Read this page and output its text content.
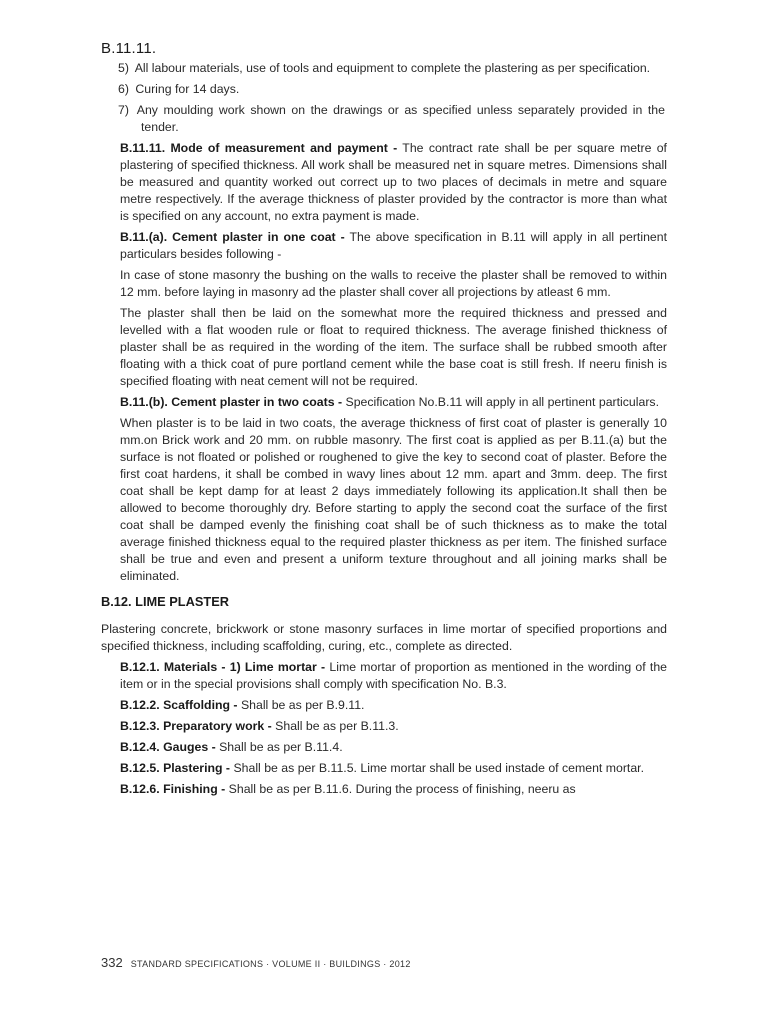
B.11.11.
5) All labour materials, use of tools and equipment to complete the plastering as per specification.
6) Curing for 14 days.
7) Any moulding work shown on the drawings or as specified unless separately provided in the tender.
B.11.11. Mode of measurement and payment - The contract rate shall be per square metre of plastering of specified thickness. All work shall be measured net in square metres. Dimensions shall be measured and quantity worked out correct up to two places of decimals in metre and square metre respectively. If the average thickness of plaster provided by the contractor is more than what is specified on any account, no extra payment is made.
B.11.(a). Cement plaster in one coat - The above specification in B.11 will apply in all pertinent particulars besides following -
In case of stone masonry the bushing on the walls to receive the plaster shall be removed to within 12 mm. before laying in masonry ad the plaster shall cover all projections by atleast 6 mm.
The plaster shall then be laid on the somewhat more the required thickness and pressed and levelled with a flat wooden rule or float to required thickness. The average finished thickness of plaster shall be as required in the wording of the item. The surface shall be rubbed smooth after floating with a thick coat of pure portland cement while the base coat is still fresh. If neeru finish is specified floating with neat cement will not be required.
B.11.(b). Cement plaster in two coats - Specification No.B.11 will apply in all pertinent particulars.
When plaster is to be laid in two coats, the average thickness of first coat of plaster is generally 10 mm.on Brick work and 20 mm. on rubble masonry. The first coat is applied as per B.11.(a) but the surface is not floated or polished or roughened to give the key to second coat of plaster. Before the first coat hardens, it shall be combed in wavy lines about 12 mm. apart and 3mm. deep. The first coat shall be kept damp for at least 2 days immediately following its application.It shall then be allowed to become thoroughly dry. Before starting to apply the second coat the surface of the first coat shall be damped evenly the finishing coat shall be of such thickness as to make the total average finished thickness equal to the required plaster thickness as per item. The finished surface shall be true and even and present a uniform texture throughout and all joining marks shall be eliminated.
B.12. LIME PLASTER
Plastering concrete, brickwork or stone masonry surfaces in lime mortar of specified proportions and specified thickness, including scaffolding, curing, etc., complete as directed.
B.12.1. Materials - 1) Lime mortar - Lime mortar of proportion as mentioned in the wording of the item or in the special provisions shall comply with specification No. B.3.
B.12.2. Scaffolding - Shall be as per B.9.11.
B.12.3. Preparatory work - Shall be as per B.11.3.
B.12.4. Gauges - Shall be as per B.11.4.
B.12.5. Plastering - Shall be as per B.11.5. Lime mortar shall be used instade of cement mortar.
B.12.6. Finishing - Shall be as per B.11.6. During the process of finishing, neeru as
332 STANDARD SPECIFICATIONS · VOLUME II · BUILDINGS · 2012
